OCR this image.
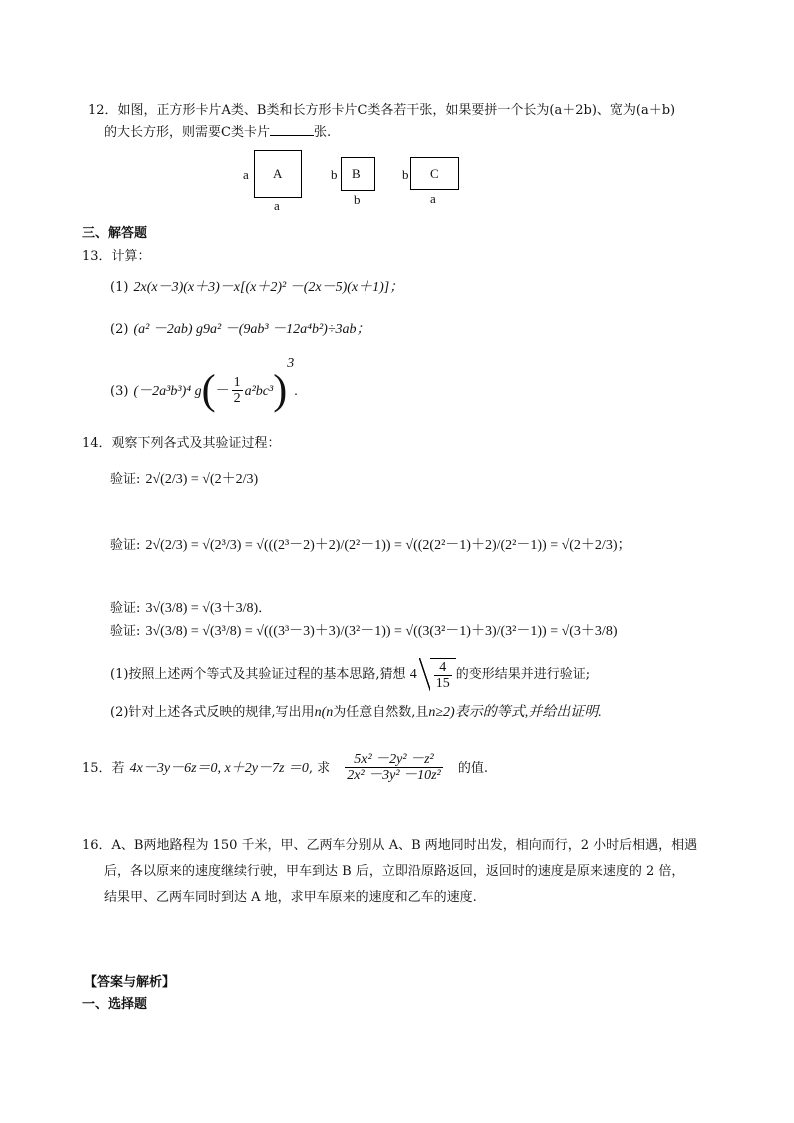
12．如图，正方形卡片A类、B类和长方形卡片C类各若干张，如果要拼一个长为(a＋2b)、宽为(a＋b)
的大长方形，则需要C类卡片	张.
a A
a
b B
b
b C
a
三、解答题
13．计算：
(1) 2x(x－3)(x＋3)－x[(x＋2)² －(2x－5)(x＋1)]；
(2) (a² －2ab) g9a² －(9ab³ －12a⁴b²)÷3ab；
(3) (－2a³b³)⁴ $g(- \frac{1}{2} a^2bc^3)^3$.
14．观察下列各式及其验证过程：
验证: 2√(2/3) = √(2＋2/3)
验证: 2√(2/3) = √(2³/3) = √(((2³－2)＋2)/(2²－1)) = √((2(2²－1)＋2)/(2²－1)) = √(2＋2/3)；
验证: 3√(3/8) = √(3＋3/8)．
验证: 3√(3/8) = √(3³/8) = √(((3³－3)＋3)/(3²－1)) = √((3(3²－1)＋3)/(3²－1)) = √(3＋3/8)
(1)按照上述两个等式及其验证过程的基本思路,猜想 $4 \frac{4}{15}$ 的变形结果并进行验证;
(2)针对上述各式反映的规律,写出用n(n为任意自然数,且n≥2)表示的等式,并给出证明.
15．若 4x－3y－6z＝0, x＋2y－7z ＝0, 求 $\frac{\text{5x² －2y² －z²}}{\text{2x² －3y² －10z²}}$ 的值.
16．A、B两地路程为 150 千米，甲、乙两车分别从 A、B 两地同时出发，相向而行，2 小时后相遇，相遇
后，各以原来的速度继续行驶，甲车到达 B 后，立即沿原路返回，返回时的速度是原来速度的 2 倍，
结果甲、乙两车同时到达 A 地，求甲车原来的速度和乙车的速度.
【答案与解析】
一、选择题
